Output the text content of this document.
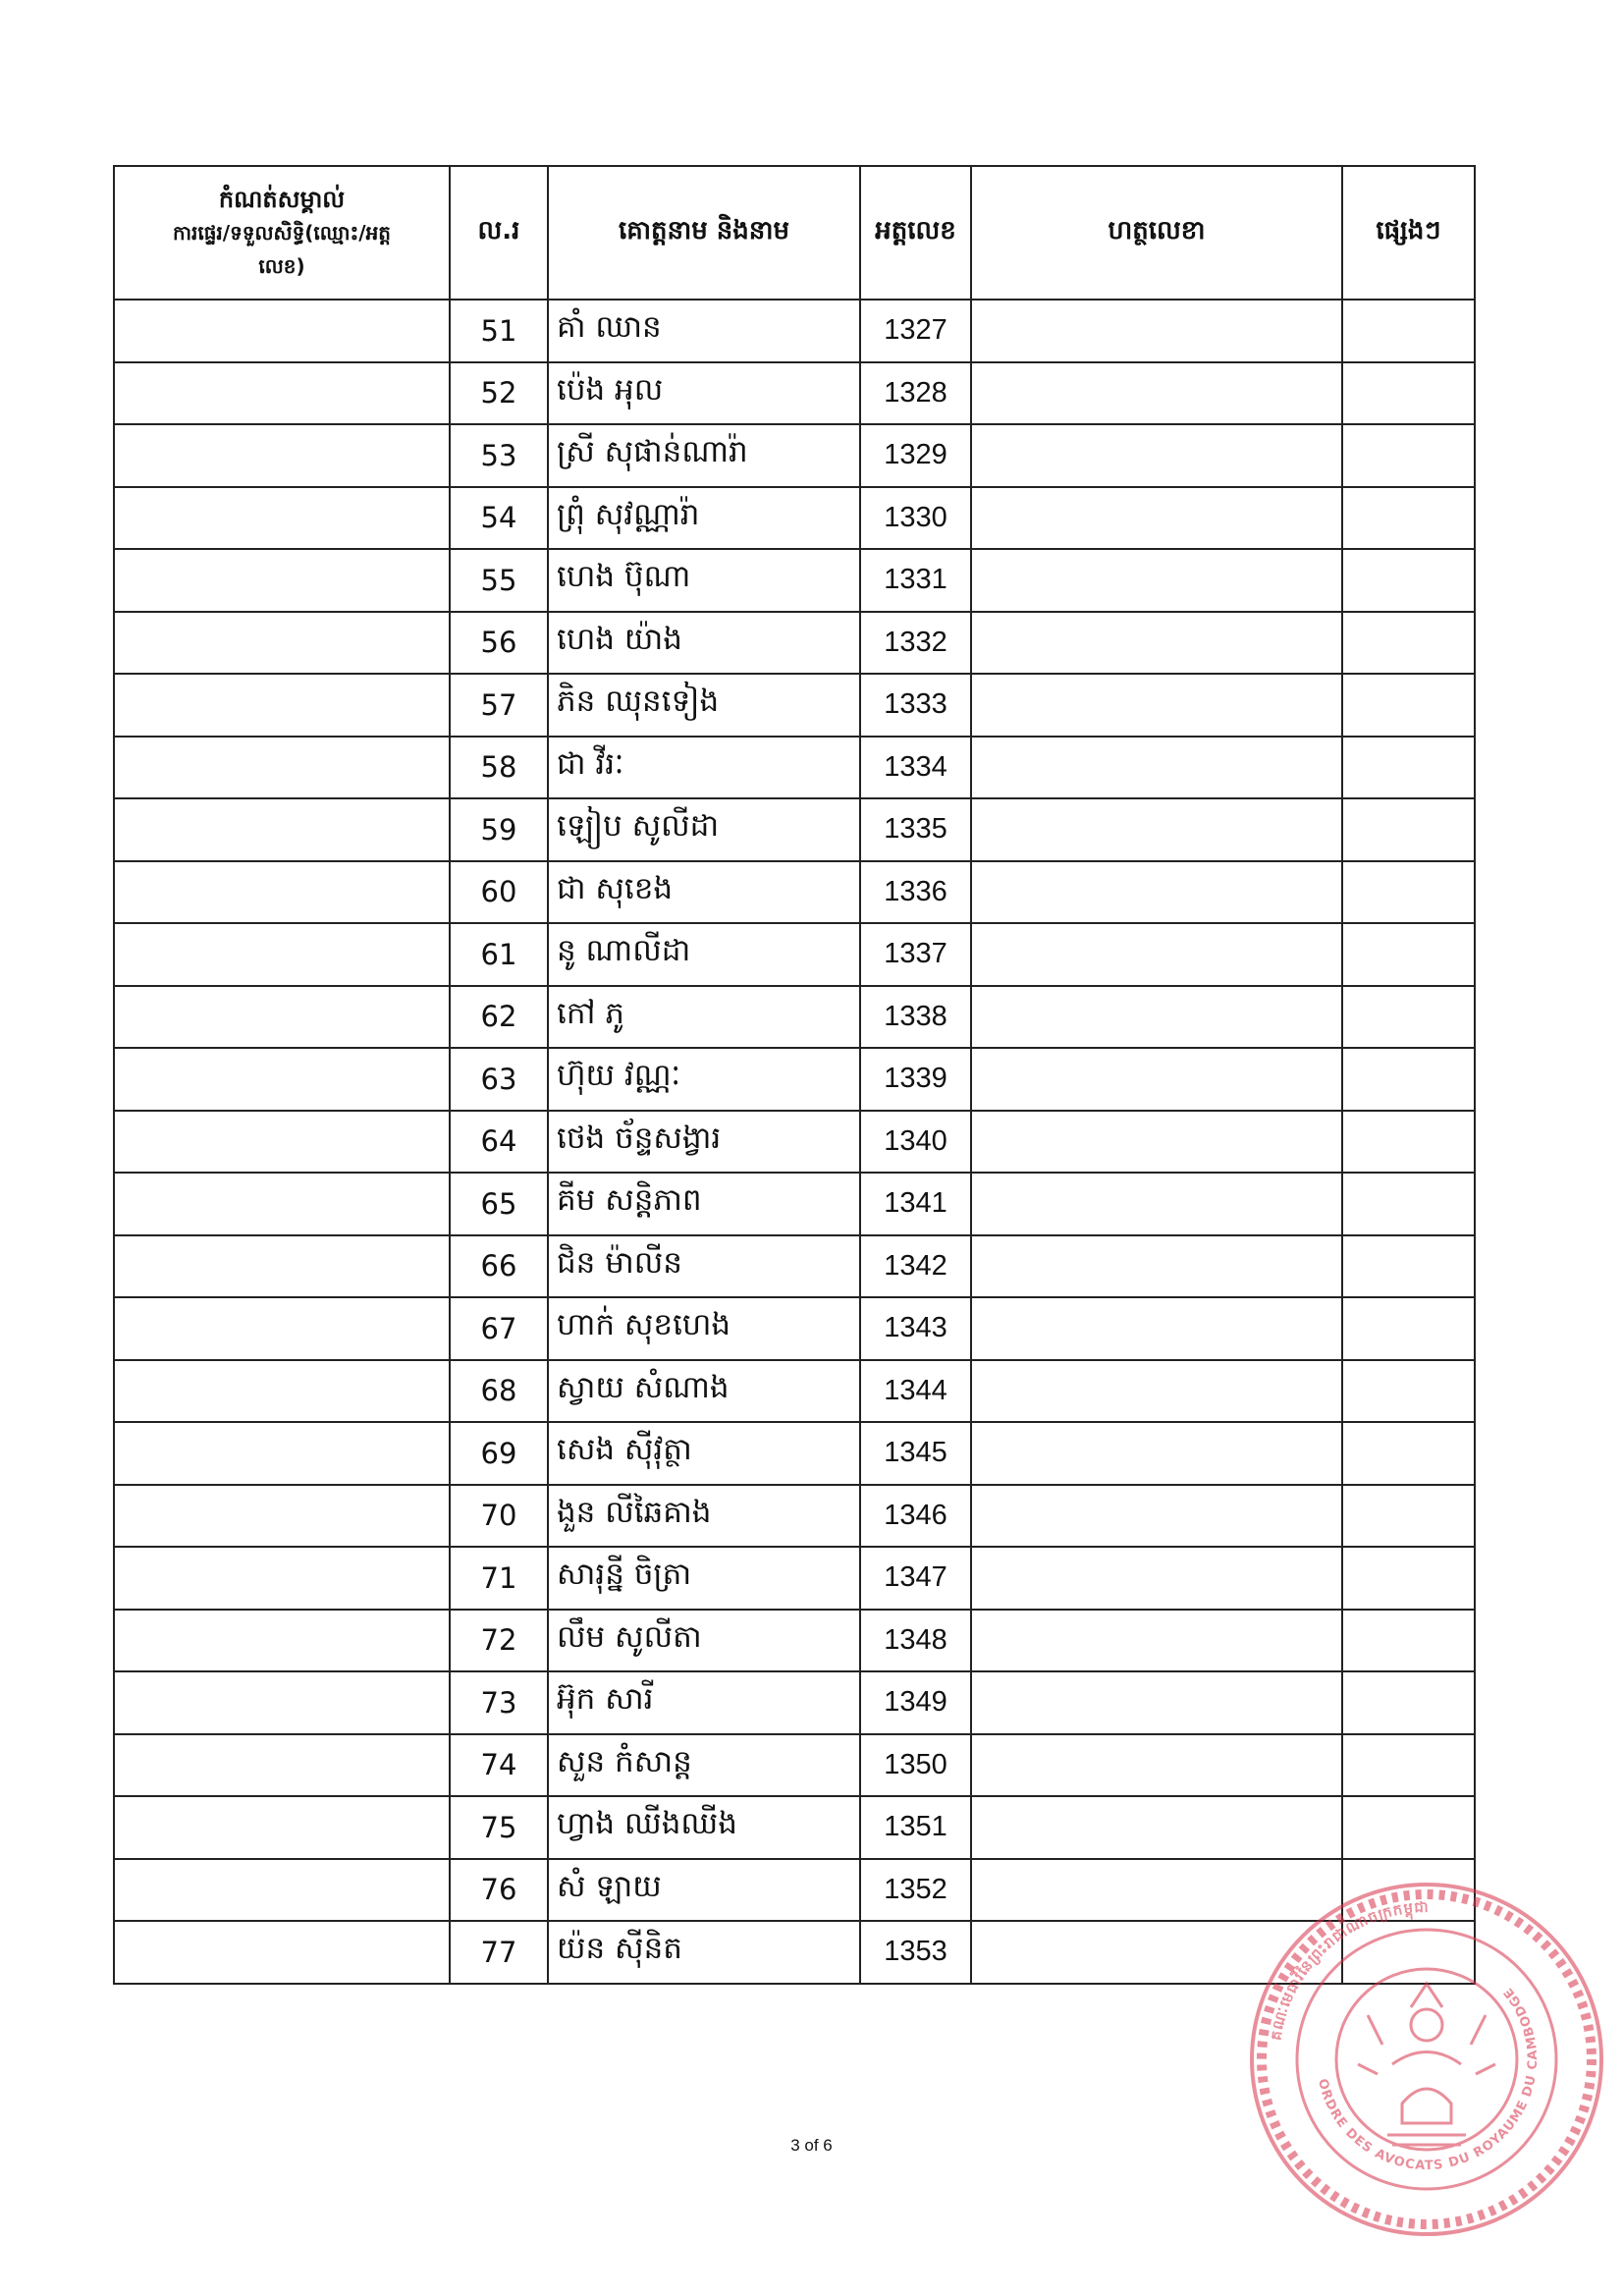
កំណត់សម្គាល់
ការផ្ទេរ/ទទួលសិទ្ធិ(ឈ្មោះ/អត្ត
លេខ)	ល.រ	គោត្តនាម និងនាម	អត្តលេខ	ហត្ថលេខា	ផ្សេងៗ
	51	គាំ ឈាន	1327		
	52	ប៉េង អុល	1328		
	53	ស្រី សុផាន់ណារ៉ា	1329		
	54	ព្រុំ សុវណ្ណារ៉ា	1330		
	55	ហេង ប៊ុណា	1331		
	56	ហេង យ៉ាង	1332		
	57	ភិន ឈុនទៀង	1333		
	58	ជា វីរៈ	1334		
	59	ឡៀប សូលីដា	1335		
	60	ជា សុខេង	1336		
	61	នូ ណាលីដា	1337		
	62	កៅ ភូ	1338		
	63	ហ៊ុយ វណ្ណៈ	1339		
	64	ថេង ច័ន្ទសង្វារ	1340		
	65	គីម សន្តិភាព	1341		
	66	ជិន ម៉ាលីន	1342		
	67	ហាក់ សុខហេង	1343		
	68	ស្វាយ សំណាង	1344		
	69	សេង ស៊ីវុត្ថា	1345		
	70	ងួន លីឆៃគាង	1346		
	71	សារុន្នី ចិត្រា	1347		
	72	លឹម សូលីតា	1348		
	73	អ៊ុក សារី	1349		
	74	សួន កំសាន្ត	1350		
	75	ហ្វាង ឈីងឈីង	1351		
	76	សំ ឡាយ	1352		
	77	យ៉ន ស៊ីនិត	1353		
3 of 6
គណៈមេធាវីនៃព្រះរាជាណាចក្រកម្ពុជា
ORDRE DES AVOCATS DU ROYAUME DU CAMBODGE
